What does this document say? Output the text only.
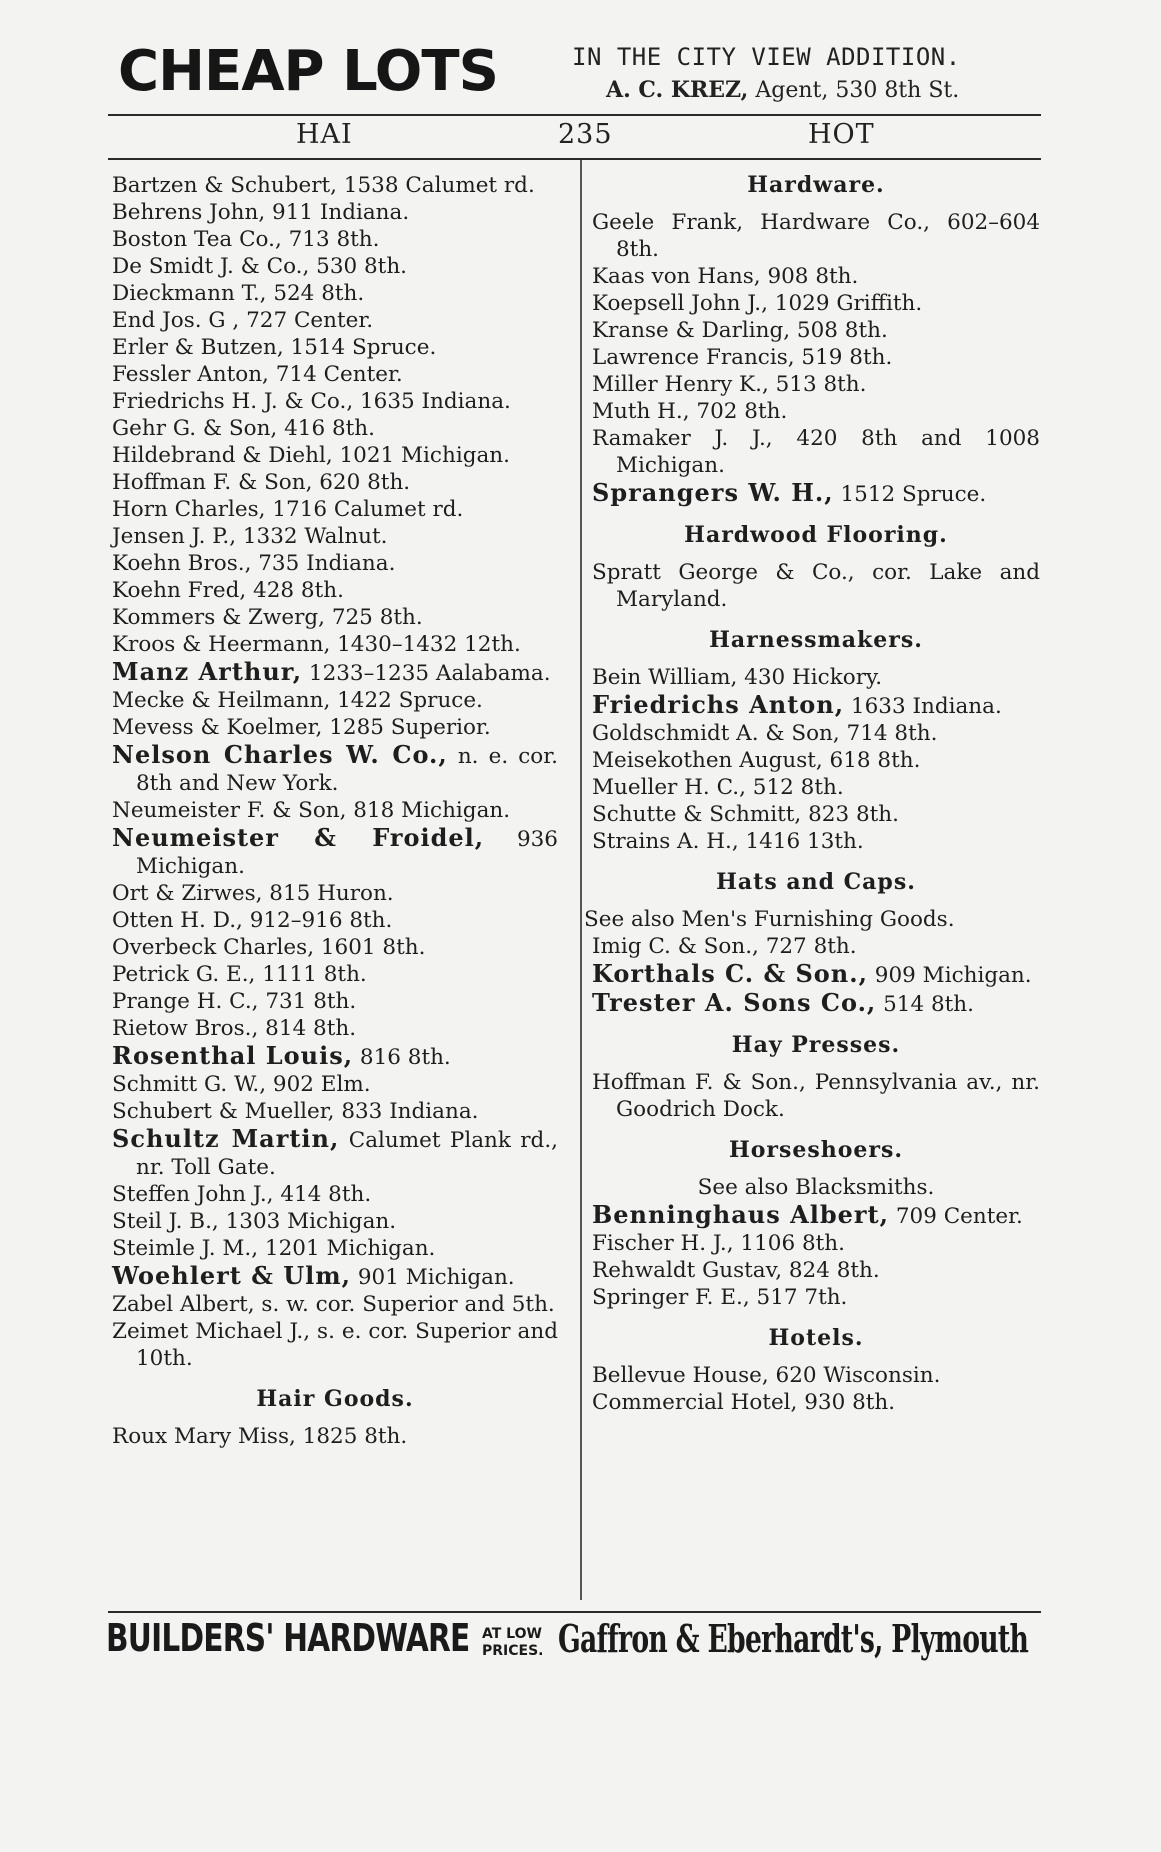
CHEAP LOTS	IN THE CITY VIEW ADDITION.
A. C. KREZ, Agent, 530 8th St.
HAI	235	HOT
Bartzen & Schubert, 1538 Calumet rd.
Behrens John, 911 Indiana.
Boston Tea Co., 713 8th.
De Smidt J. & Co., 530 8th.
Dieckmann T., 524 8th.
End Jos. G , 727 Center.
Erler & Butzen, 1514 Spruce.
Fessler Anton, 714 Center.
Friedrichs H. J. & Co., 1635 Indiana.
Gehr G. & Son, 416 8th.
Hildebrand & Diehl, 1021 Michigan.
Hoffman F. & Son, 620 8th.
Horn Charles, 1716 Calumet rd.
Jensen J. P., 1332 Walnut.
Koehn Bros., 735 Indiana.
Koehn Fred, 428 8th.
Kommers & Zwerg, 725 8th.
Kroos & Heermann, 1430–1432 12th.
Manz Arthur, 1233–1235 Aalabama.
Mecke & Heilmann, 1422 Spruce.
Mevess & Koelmer, 1285 Superior.
Nelson Charles W. Co., n. e. cor. 8th and New York.
Neumeister F. & Son, 818 Michigan.
Neumeister & Froidel, 936 Michigan.
Ort & Zirwes, 815 Huron.
Otten H. D., 912–916 8th.
Overbeck Charles, 1601 8th.
Petrick G. E., 1111 8th.
Prange H. C., 731 8th.
Rietow Bros., 814 8th.
Rosenthal Louis, 816 8th.
Schmitt G. W., 902 Elm.
Schubert & Mueller, 833 Indiana.
Schultz Martin, Calumet Plank rd., nr. Toll Gate.
Steffen John J., 414 8th.
Steil J. B., 1303 Michigan.
Steimle J. M., 1201 Michigan.
Woehlert & Ulm, 901 Michigan.
Zabel Albert, s. w. cor. Superior and 5th.
Zeimet Michael J., s. e. cor. Superior and 10th.
Hair Goods.
Roux Mary Miss, 1825 8th.
Hardware.
Geele Frank, Hardware Co., 602–604 8th.
Kaas von Hans, 908 8th.
Koepsell John J., 1029 Griffith.
Kranse & Darling, 508 8th.
Lawrence Francis, 519 8th.
Miller Henry K., 513 8th.
Muth H., 702 8th.
Ramaker J. J., 420 8th and 1008 Michigan.
Sprangers W. H., 1512 Spruce.
Hardwood Flooring.
Spratt George & Co., cor. Lake and Maryland.
Harnessmakers.
Bein William, 430 Hickory.
Friedrichs Anton, 1633 Indiana.
Goldschmidt A. & Son, 714 8th.
Meisekothen August, 618 8th.
Mueller H. C., 512 8th.
Schutte & Schmitt, 823 8th.
Strains A. H., 1416 13th.
Hats and Caps.
See also Men's Furnishing Goods.
Imig C. & Son., 727 8th.
Korthals C. & Son., 909 Michigan.
Trester A. Sons Co., 514 8th.
Hay Presses.
Hoffman F. & Son., Pennsylvania av., nr. Goodrich Dock.
Horseshoers.
See also Blacksmiths.
Benninghaus Albert, 709 Center.
Fischer H. J., 1106 8th.
Rehwaldt Gustav, 824 8th.
Springer F. E., 517 7th.
Hotels.
Bellevue House, 620 Wisconsin.
Commercial Hotel, 930 8th.
BUILDERS' HARDWARE AT LOW
PRICES. Gaffron & Eberhardt's, Plymouth
